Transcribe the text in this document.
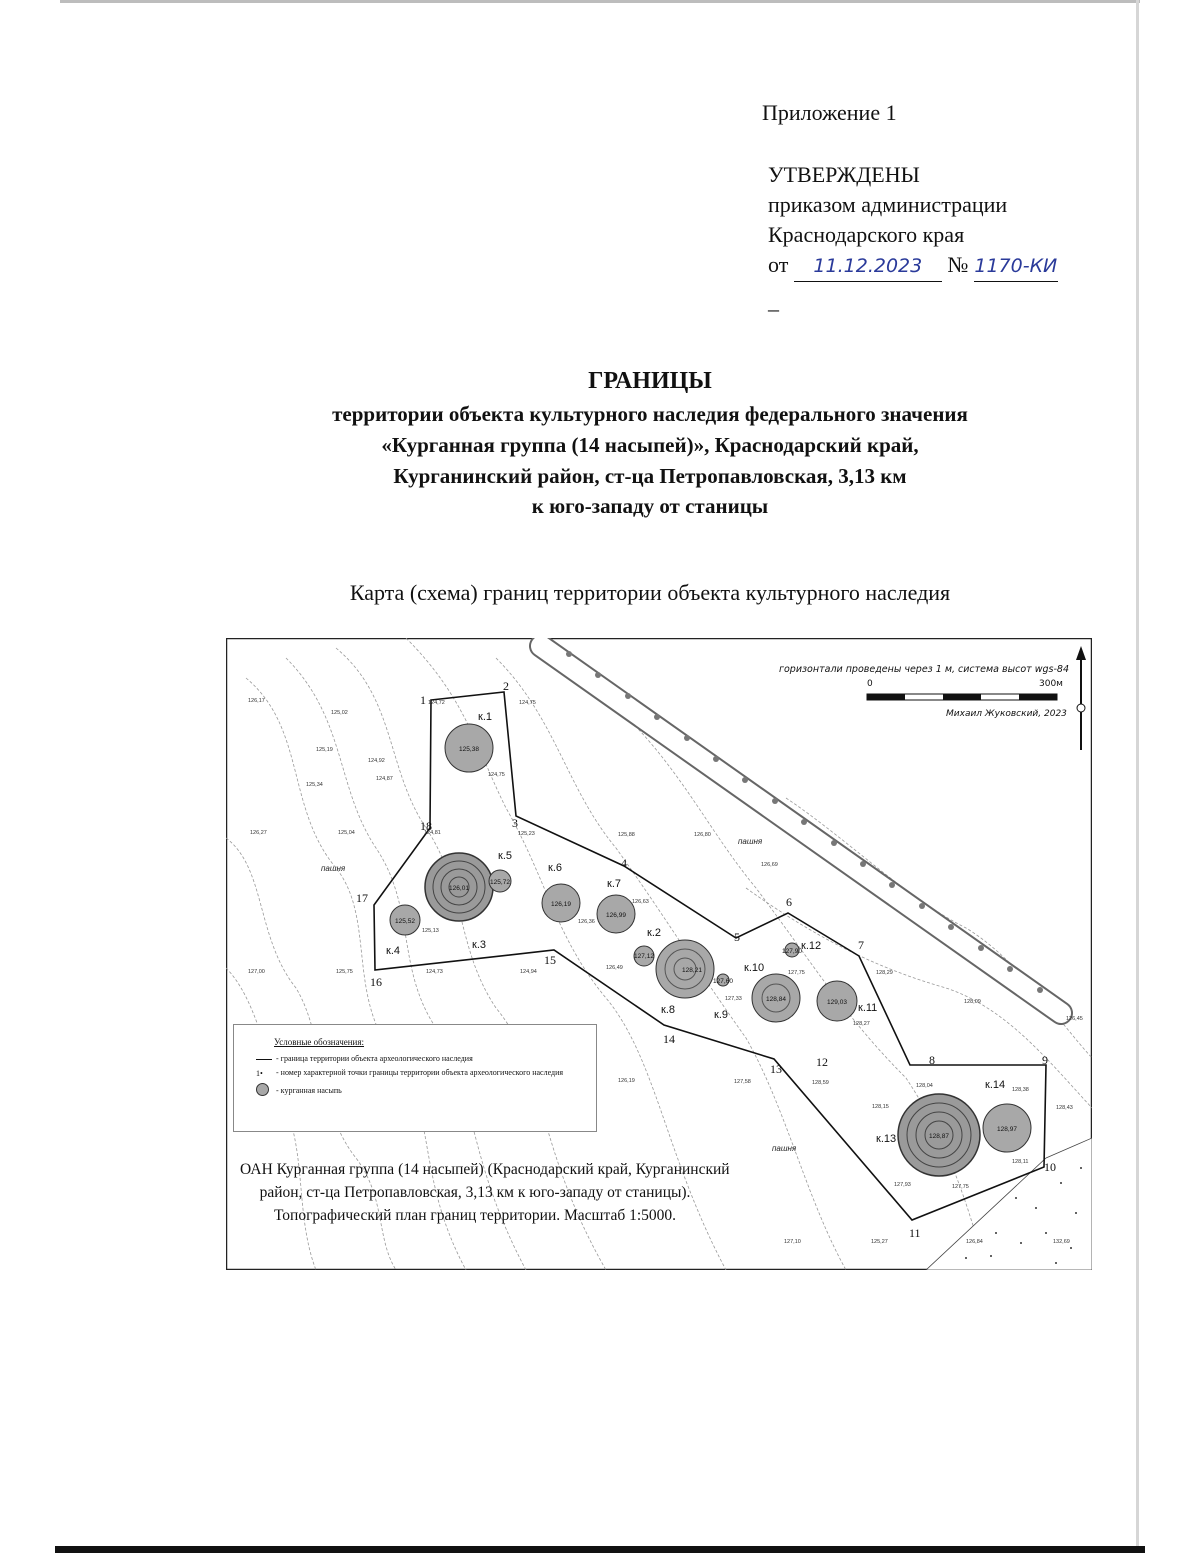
Приложение 1
УТВЕРЖДЕНЫ
приказом администрации
Краснодарского края
от 11.12.2023 № 1170-КИ
–
ГРАНИЦЫ
территории объекта культурного наследия федерального значения
«Курганная группа (14 насыпей)», Краснодарский край,
Курганинский район, ст-ца Петропавловская, 3,13 км
к юго-западу от станицы
Карта (схема) границ территории объекта культурного наследия
к.1
к.2
к.3
к.4
к.5
к.6
к.7
к.8	к.9
к.10
к.11
к.12
к.13
к.14
125,38
127,12
126,01
125,52
125,72
126,19
126,99
128,21
127,60
128,84	129,03
127,90
128,87
128,97
1
2
3
4
5
6
7
8	9
10
11
12
13
14
15
16
17
18
пашня
пашня
пашня
126,17
125,02
124,72	124,75
125,19
124,92
124,87
125,34
124,75
126,27	125,04	124,81	125,23	125,88	126,80
126,69
125,13
124,73
125,75
127,00	124,94
126,36
126,63
126,49
127,33
127,75	128,29
128,27
128,04
128,09
126,45
126,19	127,58	128,59
128,15
128,38
128,43
127,93	127,75
128,11
127,10	125,27	126,84	132,69
горизонтали проведены через 1 м, система высот wgs-84
0	300м
Михаил Жуковский, 2023
Условные обозначения:
- граница территории объекта археологического наследия
1• - номер характерной точки границы территории объекта археологического наследия
- курганная насыпь
ОАН Курганная группа (14 насыпей) (Краснодарский край, Курганинский
район, ст-ца Петропавловская, 3,13 км к юго-западу от станицы).
Топографический план границ территории. Масштаб 1:5000.
